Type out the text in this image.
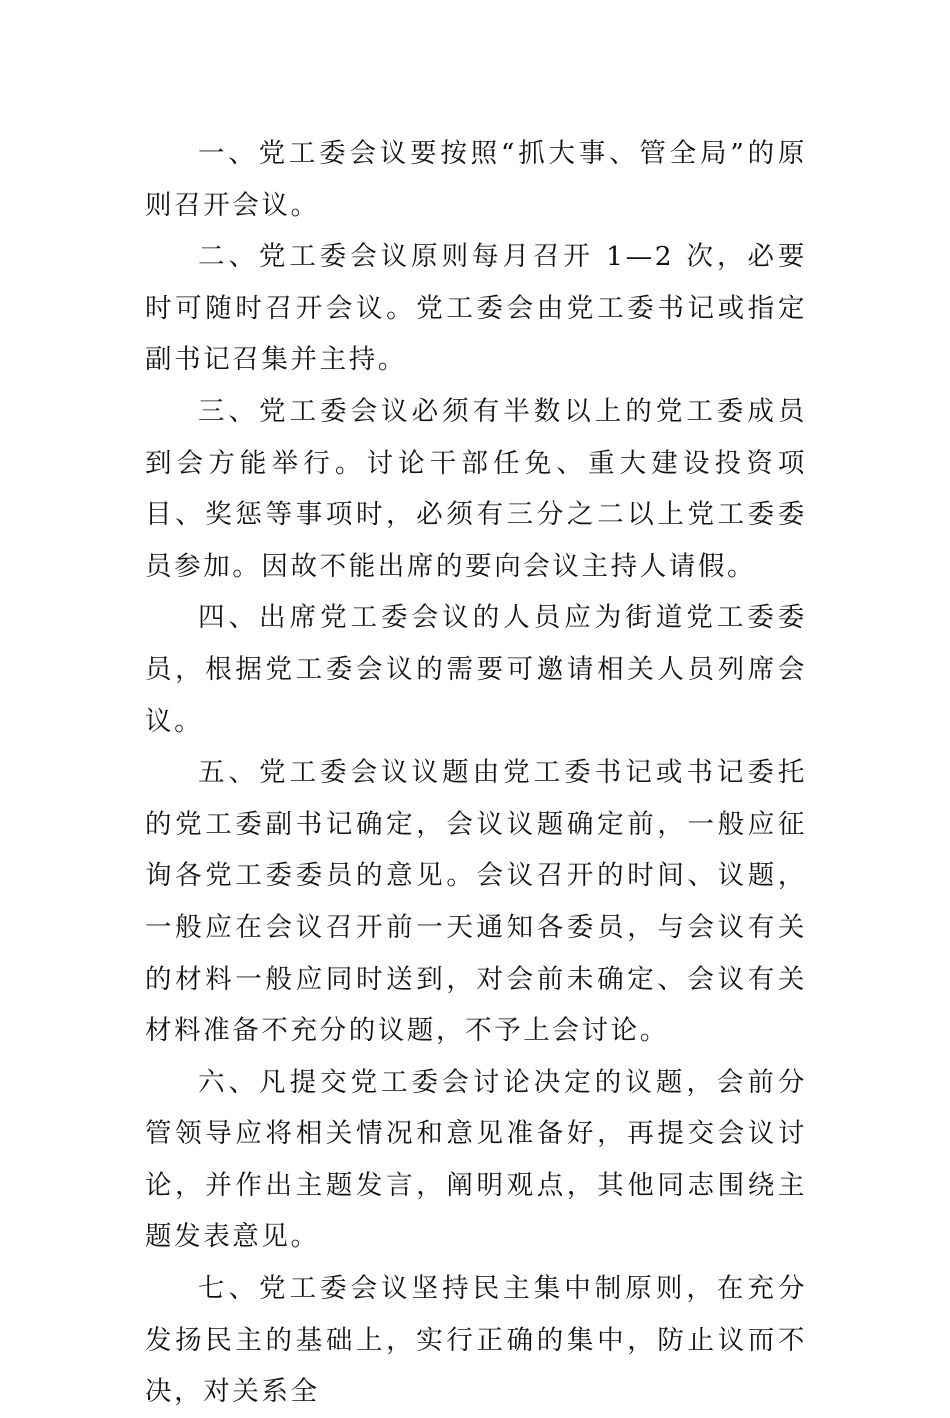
一、党工委会议要按照“抓大事、管全局”的原则召开会议。

二、党工委会议原则每月召开 1—2 次，必要时可随时召开会议。党工委会由党工委书记或指定副书记召集并主持。

三、党工委会议必须有半数以上的党工委成员到会方能举行。讨论干部任免、重大建设投资项目、奖惩等事项时，必须有三分之二以上党工委委员参加。因故不能出席的要向会议主持人请假。

四、出席党工委会议的人员应为街道党工委委员，根据党工委会议的需要可邀请相关人员列席会议。

五、党工委会议议题由党工委书记或书记委托的党工委副书记确定，会议议题确定前，一般应征询各党工委委员的意见。会议召开的时间、议题，一般应在会议召开前一天通知各委员，与会议有关的材料一般应同时送到，对会前未确定、会议有关材料准备不充分的议题，不予上会讨论。

六、凡提交党工委会讨论决定的议题，会前分管领导应将相关情况和意见准备好，再提交会议讨论，并作出主题发言，阐明观点，其他同志围绕主题发表意见。

七、党工委会议坚持民主集中制原则，在充分发扬民主的基础上，实行正确的集中，防止议而不决，对关系全
